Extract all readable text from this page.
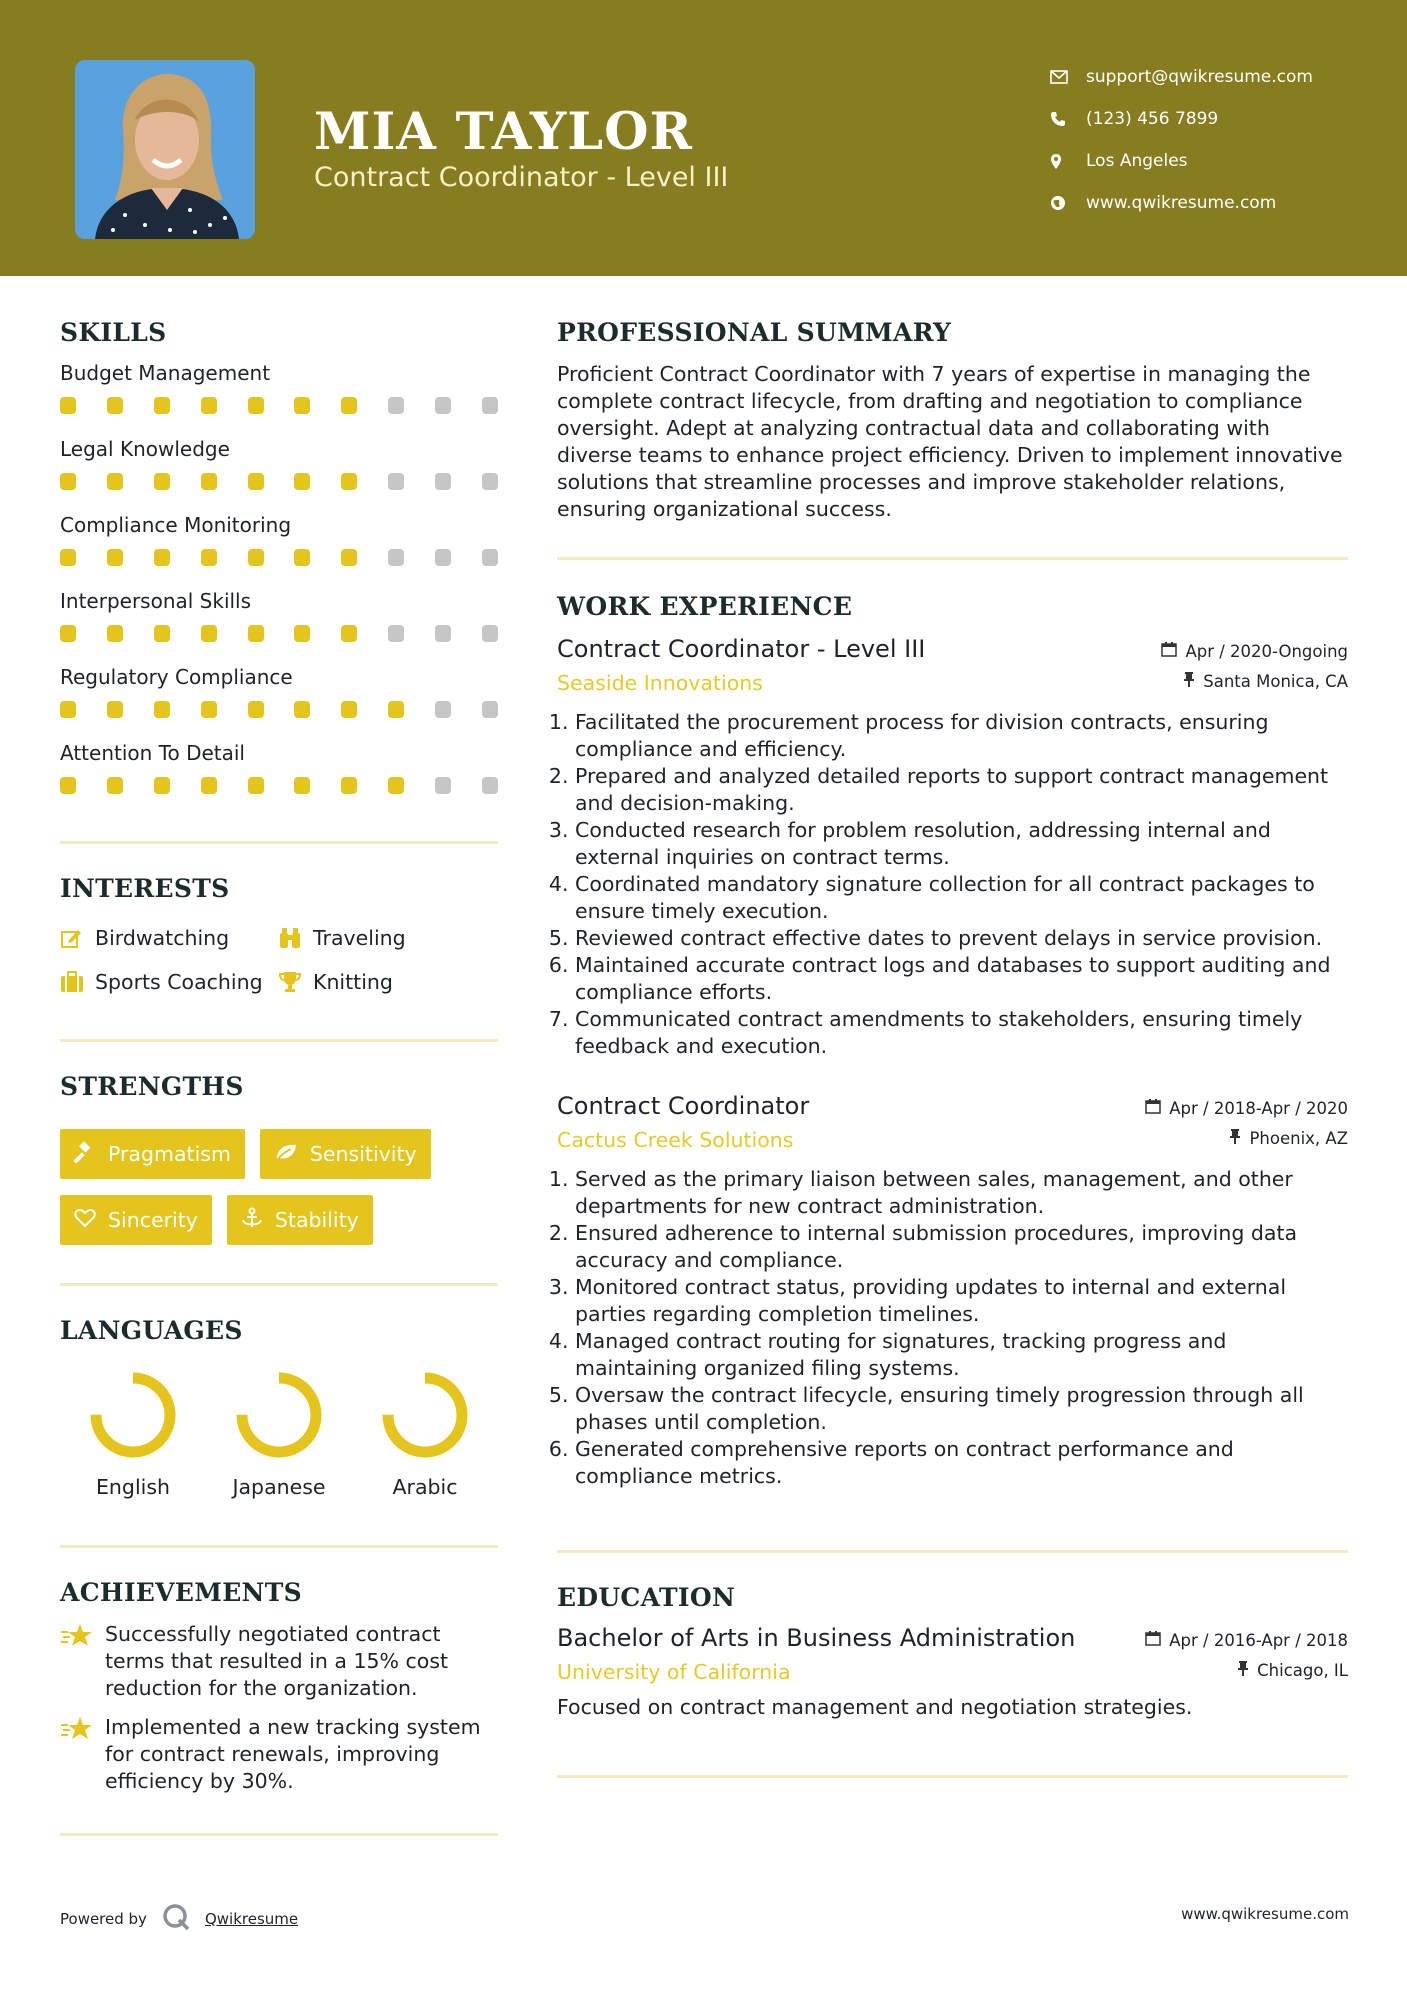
MIA TAYLOR
Contract Coordinator - Level III
support@qwikresume.com
(123) 456 7899
Los Angeles
www.qwikresume.com
SKILLS
Budget Management
Legal Knowledge
Compliance Monitoring
Interpersonal Skills
Regulatory Compliance
Attention To Detail
INTERESTS
Birdwatching	Traveling
Sports Coaching Knitting
STRENGTHS
Pragmatism	Sensitivity
Sincerity	Stability
LANGUAGES
English	Japanese	Arabic
ACHIEVEMENTS
Successfully negotiated contract terms that resulted in a 15% cost reduction for the organization.
Implemented a new tracking system for contract renewals, improving efficiency by 30%.
PROFESSIONAL SUMMARY

Proficient Contract Coordinator with 7 years of expertise in managing the complete contract lifecycle, from drafting and negotiation to compliance oversight. Adept at analyzing contractual data and collaborating with diverse teams to enhance project efficiency. Driven to implement innovative solutions that streamline processes and improve stakeholder relations, ensuring organizational success.

WORK EXPERIENCE
Contract Coordinator - Level III	Apr / 2020-Ongoing
Seaside Innovations	Santa Monica, CA
1. Facilitated the procurement process for division contracts, ensuring compliance and efficiency.
2. Prepared and analyzed detailed reports to support contract management and decision-making.
3. Conducted research for problem resolution, addressing internal and external inquiries on contract terms.
4. Coordinated mandatory signature collection for all contract packages to ensure timely execution.
5. Reviewed contract effective dates to prevent delays in service provision.
6. Maintained accurate contract logs and databases to support auditing and compliance efforts.
7. Communicated contract amendments to stakeholders, ensuring timely feedback and execution.
Contract Coordinator	Apr / 2018-Apr / 2020
Cactus Creek Solutions	Phoenix, AZ
1. Served as the primary liaison between sales, management, and other departments for new contract administration.
2. Ensured adherence to internal submission procedures, improving data accuracy and compliance.
3. Monitored contract status, providing updates to internal and external parties regarding completion timelines.
4. Managed contract routing for signatures, tracking progress and maintaining organized filing systems.
5. Oversaw the contract lifecycle, ensuring timely progression through all phases until completion.
6. Generated comprehensive reports on contract performance and compliance metrics.
EDUCATION
Bachelor of Arts in Business Administration	Apr / 2016-Apr / 2018
University of California	Chicago, IL

Focused on contract management and negotiation strategies.

Powered by	Qwikresume	www.qwikresume.com
